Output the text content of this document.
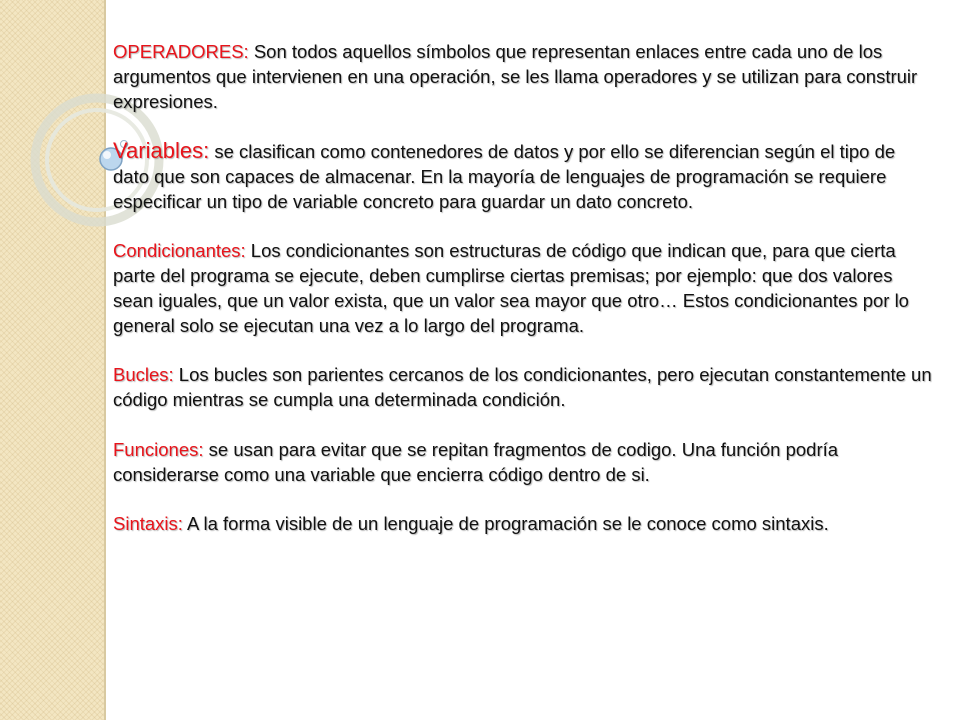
OPERADORES: Son todos aquellos símbolos que representan enlaces entre cada uno de los argumentos que intervienen en una operación, se les llama operadores y se utilizan para construir expresiones.

Variables: se clasifican como contenedores de datos y por ello se diferencian según el tipo de dato que son capaces de almacenar. En la mayoría de lenguajes de programación se requiere especificar un tipo de variable concreto para guardar un dato concreto.

Condicionantes: Los condicionantes son estructuras de código que indican que, para que cierta parte del programa se ejecute, deben cumplirse ciertas premisas; por ejemplo: que dos valores sean iguales, que un valor exista, que un valor sea mayor que otro… Estos condicionantes por lo general solo se ejecutan una vez a lo largo del programa.

Bucles: Los bucles son parientes cercanos de los condicionantes, pero ejecutan constantemente un código mientras se cumpla una determinada condición.

Funciones: se usan para evitar que se repitan fragmentos de codigo. Una función podría considerarse como una variable que encierra código dentro de si.

Sintaxis: A la forma visible de un lenguaje de programación se le conoce como sintaxis.
